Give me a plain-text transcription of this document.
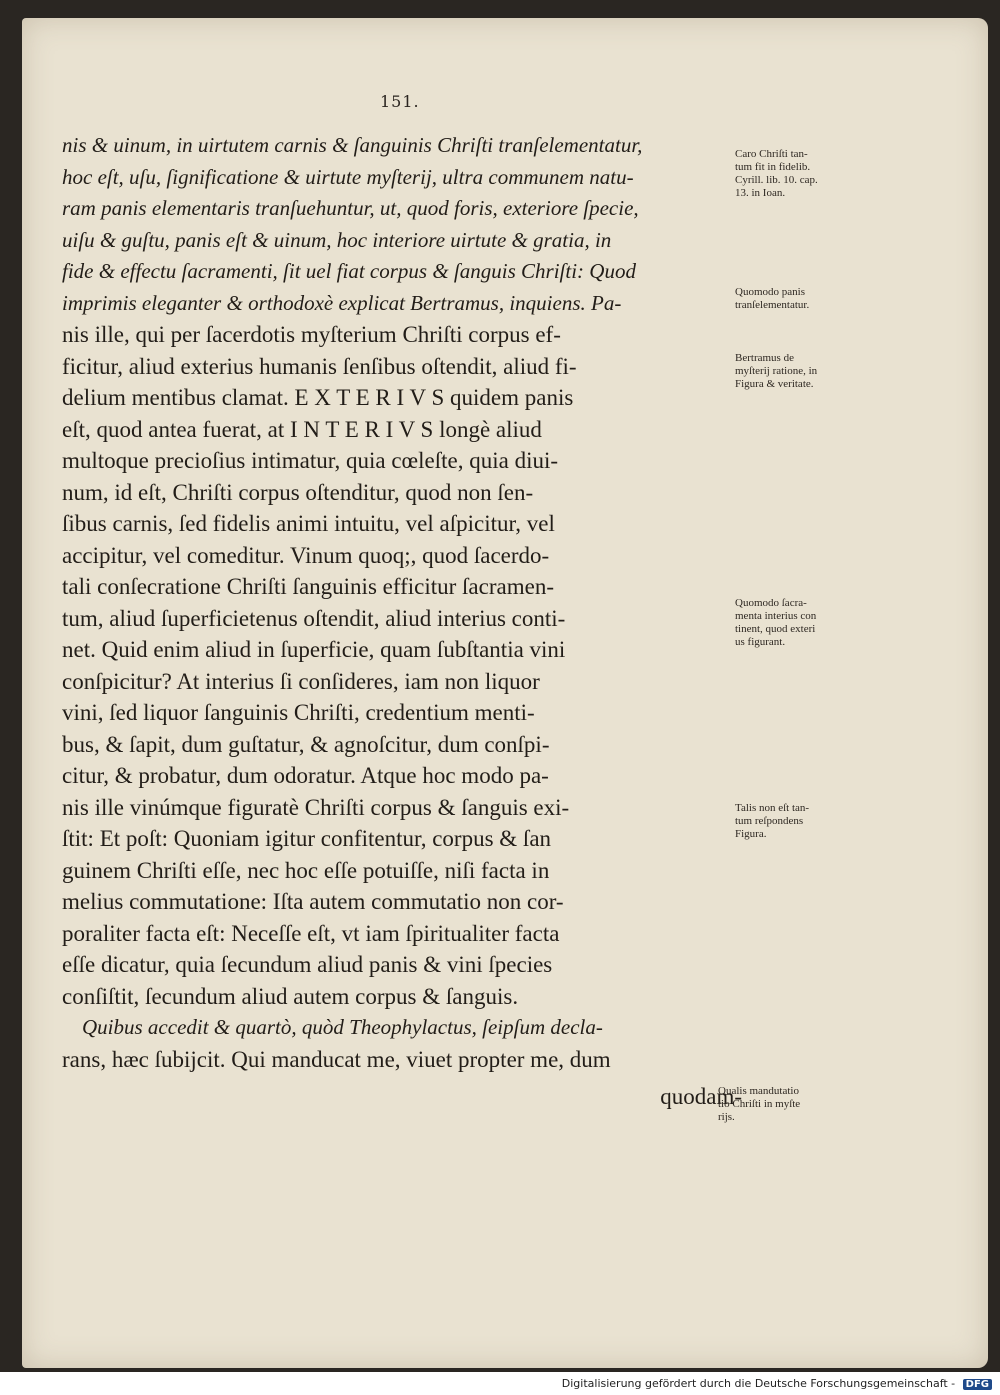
151.
nis & uinum, in uirtutem carnis & ſanguinis Chriſti tranſelementatur,
hoc eſt, uſu, ſignificatione & uirtute myſterij, ultra communem natu-
ram panis elementaris tranſuehuntur, ut, quod foris, exteriore ſpecie,
uiſu & guſtu, panis eſt & uinum, hoc interiore uirtute & gratia, in
fide & effectu ſacramenti, ſit uel fiat corpus & ſanguis Chriſti: Quod
imprimis eleganter & orthodoxè explicat Bertramus, inquiens. Pa-
nis ille, qui per ſacerdotis myſterium Chriſti corpus ef-
ficitur, aliud exterius humanis ſenſibus oſtendit, aliud fi-
delium mentibus clamat. E X T E R I V S quidem panis
eſt, quod antea fuerat, at I N T E R I V S longè aliud
multoque precioſius intimatur, quia cœleſte, quia diui-
num, id eſt, Chriſti corpus oſtenditur, quod non ſen-
ſibus carnis, ſed fidelis animi intuitu, vel aſpicitur, vel
accipitur, vel comeditur. Vinum quoq;, quod ſacerdo-
tali conſecratione Chriſti ſanguinis efficitur ſacramen-
tum, aliud ſuperficietenus oſtendit, aliud interius conti-
net. Quid enim aliud in ſuperficie, quam ſubſtantia vini
conſpicitur? At interius ſi conſideres, iam non liquor
vini, ſed liquor ſanguinis Chriſti, credentium menti-
bus, & ſapit, dum guſtatur, & agnoſcitur, dum conſpi-
citur, & probatur, dum odoratur. Atque hoc modo pa-
nis ille vinúmque figuratè Chriſti corpus & ſanguis exi-
ſtit: Et poſt: Quoniam igitur confitentur, corpus & ſan
guinem Chriſti eſſe, nec hoc eſſe potuiſſe, niſi facta in
melius commutatione: Iſta autem commutatio non cor-
poraliter facta eſt: Neceſſe eſt, vt iam ſpiritualiter facta
eſſe dicatur, quia ſecundum aliud panis & vini ſpecies
conſiſtit, ſecundum aliud autem corpus & ſanguis.
Quibus accedit & quartò, quòd Theophylactus, ſeipſum decla-
rans, hæc ſubijcit. Qui manducat me, viuet propter me, dum
quodam-
Caro Chriſti tan-
tum fit in fidelib.
Cyrill. lib. 10. cap.
13. in Ioan.
Quomodo panis
tranſelementatur.
Bertramus de
myſterij ratione, in
Figura & veritate.
Quomodo ſacra-
menta interius con
tinent, quod exteri
us figurant.
Talis non eſt tan-
tum reſpondens
Figura.
Qualis mandutatio
tio Chriſti in myſte
rijs.
Digitalisierung gefördert durch die Deutsche Forschungsgemeinschaft - DFG
